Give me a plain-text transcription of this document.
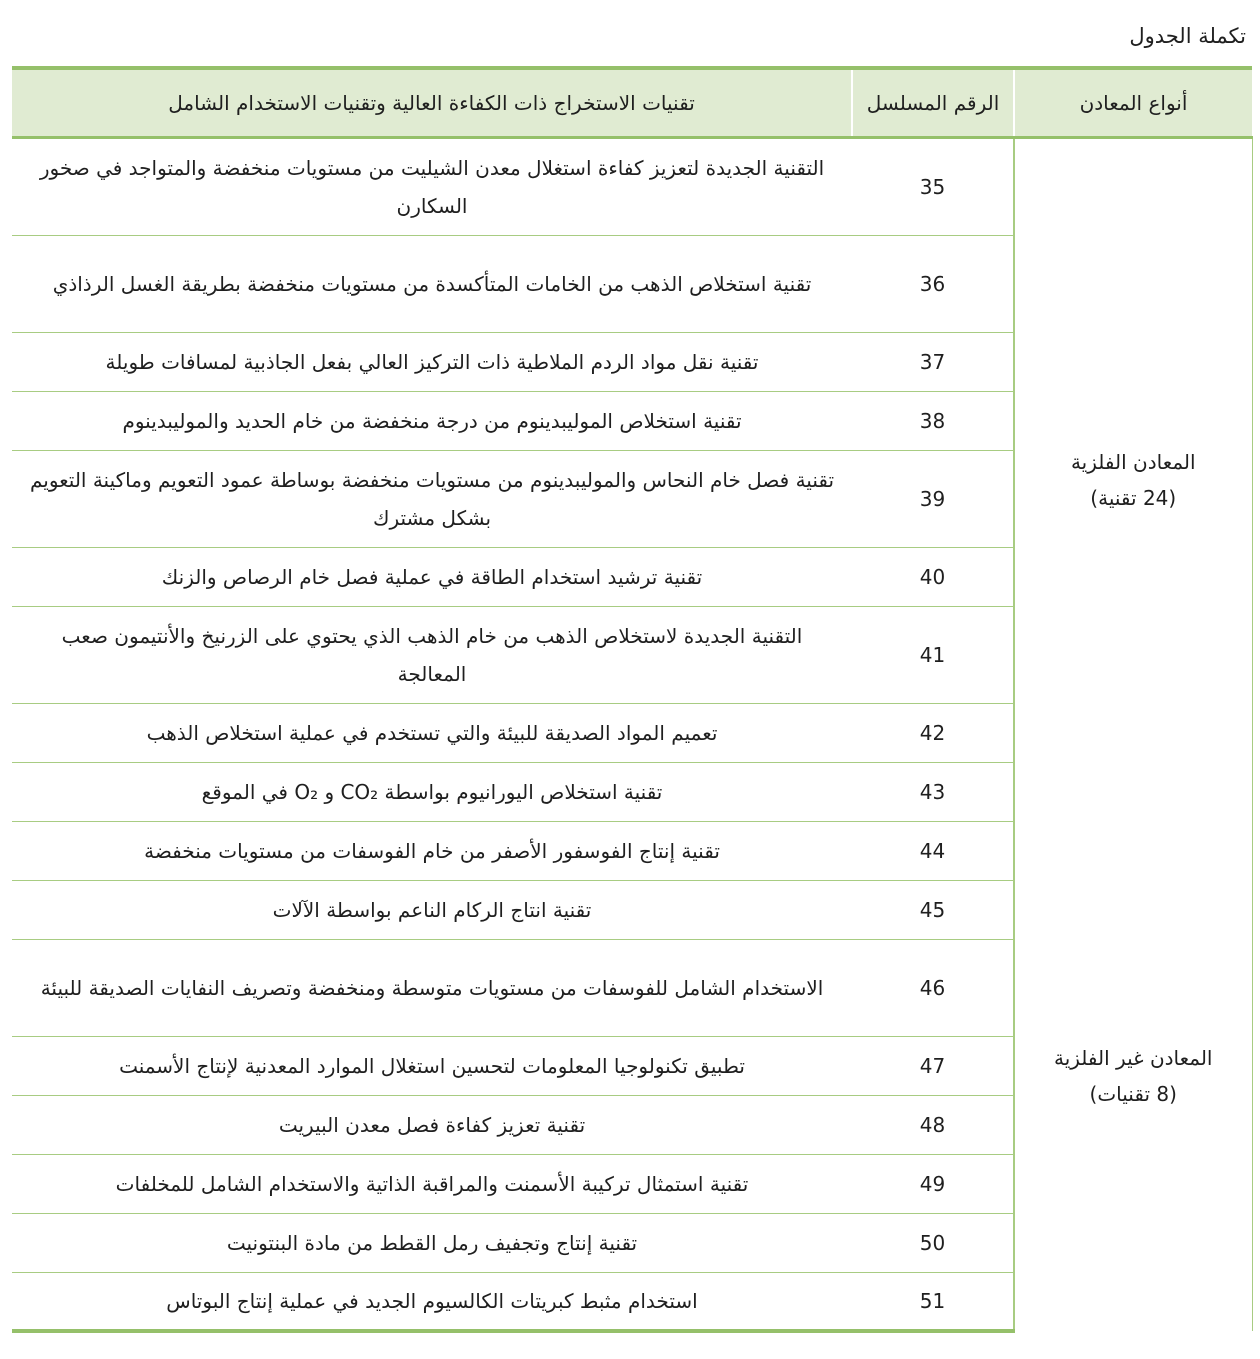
تكملة الجدول
أنواع المعادن	الرقم المسلسل	تقنيات الاستخراج ذات الكفاءة العالية وتقنيات الاستخدام الشامل

المعادن الفلزية
(24 تقنية)	35	التقنية الجديدة لتعزيز كفاءة استغلال معدن الشيليت من مستويات منخفضة والمتواجد في صخور السكارن
	36	تقنية استخلاص الذهب من الخامات المتأكسدة من مستويات منخفضة بطريقة الغسل الرذاذي
	37	تقنية نقل مواد الردم الملاطية ذات التركيز العالي بفعل الجاذبية لمسافات طويلة
	38	تقنية استخلاص الموليبدينوم من درجة منخفضة من خام الحديد والموليبدينوم
	39	تقنية فصل خام النحاس والموليبدينوم من مستويات منخفضة بوساطة عمود التعويم وماكينة التعويم بشكل مشترك
	40	تقنية ترشيد استخدام الطاقة في عملية فصل خام الرصاص والزنك
	41	التقنية الجديدة لاستخلاص الذهب من خام الذهب الذي يحتوي على الزرنيخ والأنتيمون صعب المعالجة
	42	تعميم المواد الصديقة للبيئة والتي تستخدم في عملية استخلاص الذهب
	43	تقنية استخلاص اليورانيوم بواسطة CO₂ و O₂ في الموقع

المعادن غير الفلزية
(8 تقنيات)	44	تقنية إنتاج الفوسفور الأصفر من خام الفوسفات من مستويات منخفضة
	45	تقنية انتاج الركام الناعم بواسطة الآلات
	46	الاستخدام الشامل للفوسفات من مستويات متوسطة ومنخفضة وتصريف النفايات الصديقة للبيئة
	47	تطبيق تكنولوجيا المعلومات لتحسين استغلال الموارد المعدنية لإنتاج الأسمنت
	48	تقنية تعزيز كفاءة فصل معدن البيريت
	49	تقنية استمثال تركيبة الأسمنت والمراقبة الذاتية والاستخدام الشامل للمخلفات
	50	تقنية إنتاج وتجفيف رمل القطط من مادة البنتونيت
	51	استخدام مثبط كبريتات الكالسيوم الجديد في عملية إنتاج البوتاس
